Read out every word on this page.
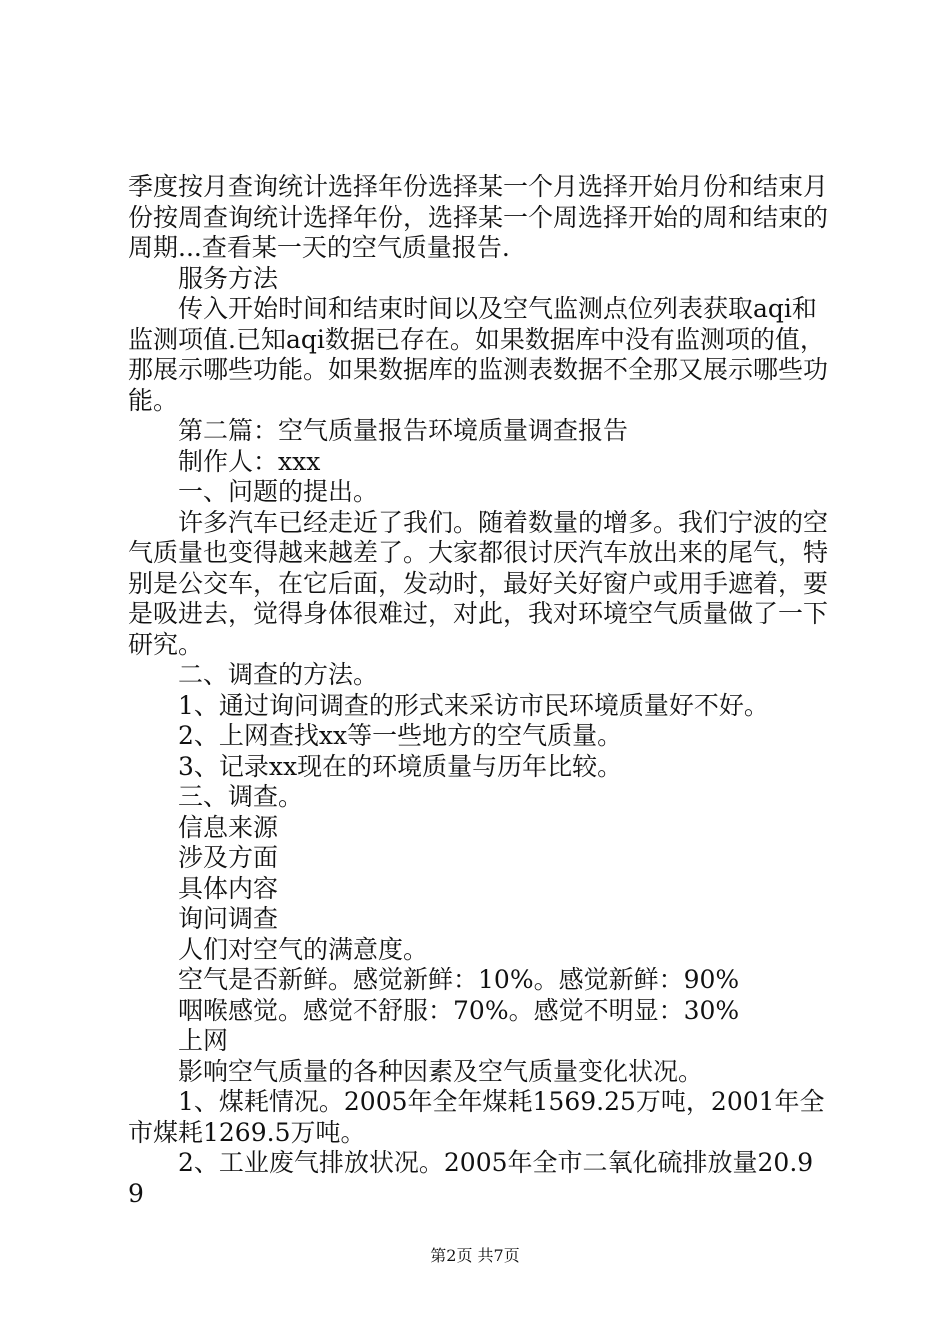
季度按月查询统计选择年份选择某一个月选择开始月份和结束月份按周查询统计选择年份，选择某一个周选择开始的周和结束的周期...查看某一天的空气质量报告.

服务方法

传入开始时间和结束时间以及空气监测点位列表获取aqi和监测项值.已知aqi数据已存在。如果数据库中没有监测项的值，那展示哪些功能。如果数据库的监测表数据不全那又展示哪些功能。

第二篇：空气质量报告环境质量调查报告

制作人：xxx

一、问题的提出。

许多汽车已经走近了我们。随着数量的增多。我们宁波的空气质量也变得越来越差了。大家都很讨厌汽车放出来的尾气，特别是公交车，在它后面，发动时，最好关好窗户或用手遮着，要是吸进去，觉得身体很难过，对此，我对环境空气质量做了一下研究。

二、调查的方法。

1、通过询问调查的形式来采访市民环境质量好不好。

2、上网查找xx等一些地方的空气质量。

3、记录xx现在的环境质量与历年比较。

三、调查。

信息来源

涉及方面

具体内容

询问调查

人们对空气的满意度。

空气是否新鲜。感觉新鲜：10%。感觉新鲜：90%

咽喉感觉。感觉不舒服：70%。感觉不明显：30%

上网

影响空气质量的各种因素及空气质量变化状况。

1、煤耗情况。2005年全年煤耗1569.25万吨，2001年全市煤耗1269.5万吨。

2、工业废气排放状况。2005年全市二氧化硫排放量20.99

第2页 共7页
